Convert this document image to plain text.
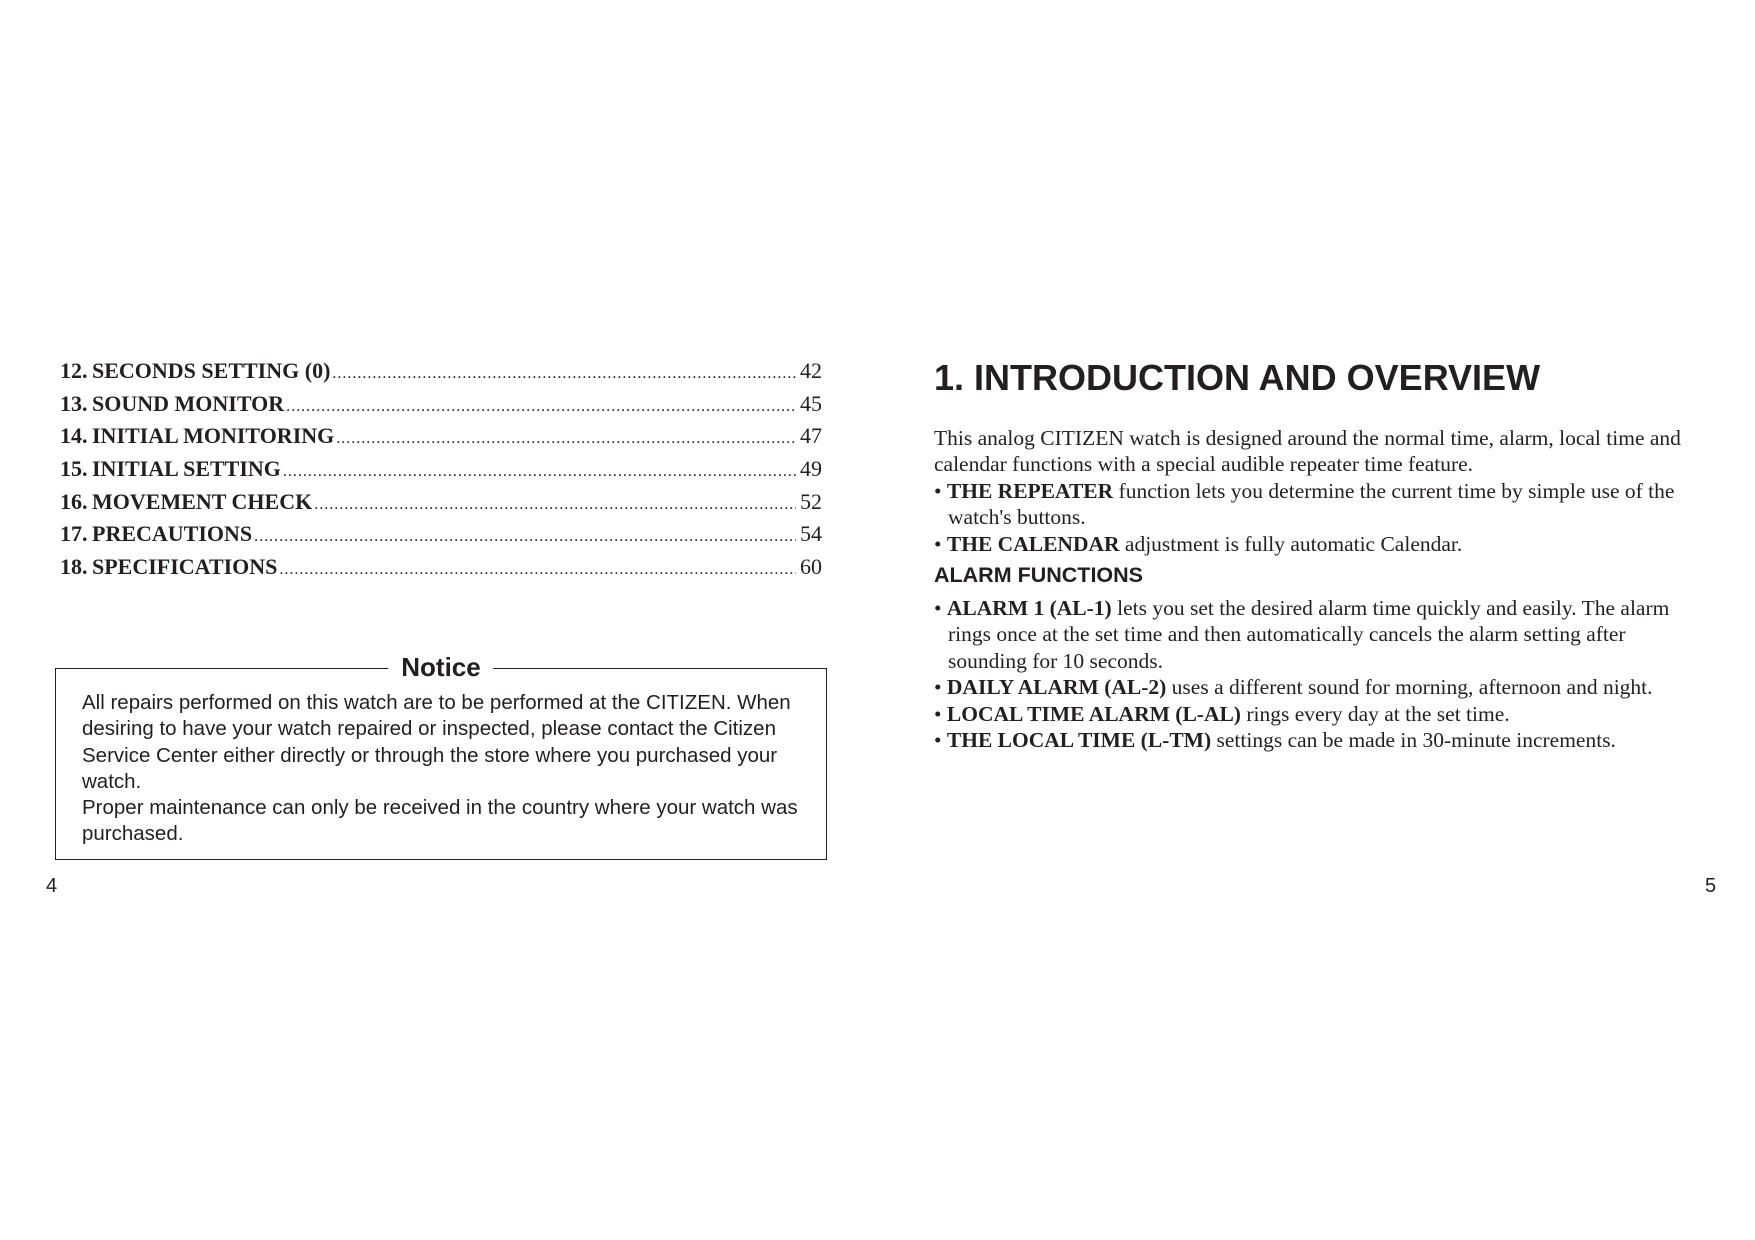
12. SECONDS SETTING (0) .....	42
13. SOUND MONITOR .....	45
14. INITIAL MONITORING .....	47
15. INITIAL SETTING .....	49
16. MOVEMENT CHECK .....	52
17. PRECAUTIONS .....	54
18. SPECIFICATIONS .....	60
Notice

All repairs performed on this watch are to be performed at the CITIZEN. When desiring to have your watch repaired or inspected, please contact the Citizen Service Center either directly or through the store where you purchased your watch.

Proper maintenance can only be received in the country where your watch was purchased.

4
1. INTRODUCTION AND OVERVIEW

This analog CITIZEN watch is designed around the normal time, alarm, local time and calendar functions with a special audible repeater time feature.

• THE REPEATER function lets you determine the current time by simple use of the watch's buttons.

• THE CALENDAR adjustment is fully automatic Calendar.

ALARM FUNCTIONS

• ALARM 1 (AL-1) lets you set the desired alarm time quickly and easily. The alarm rings once at the set time and then automatically cancels the alarm setting after sounding for 10 seconds.

• DAILY ALARM (AL-2) uses a different sound for morning, afternoon and night.

• LOCAL TIME ALARM (L-AL) rings every day at the set time.

• THE LOCAL TIME (L-TM) settings can be made in 30-minute increments.

5
